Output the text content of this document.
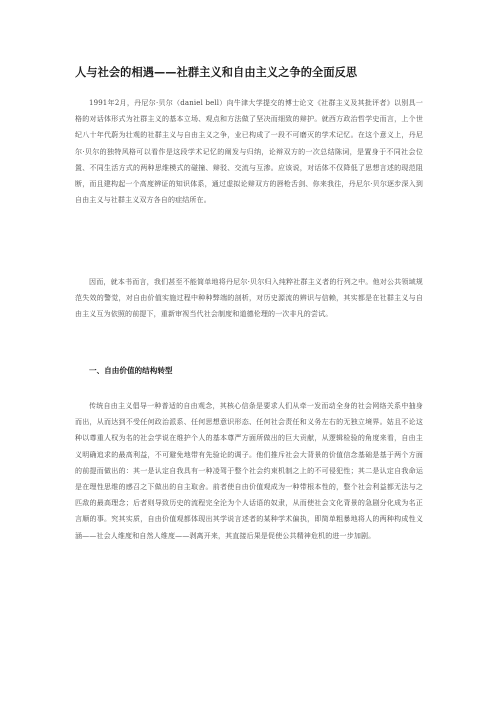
人与社会的相遇——社群主义和自由主义之争的全面反思

1991年2月，丹尼尔·贝尔（daniel bell）向牛津大学提交的博士论文《社群主义及其批评者》以别具一格的对话体形式为社群主义的基本立场、观点和方法做了坚决而细致的辩护。就西方政治哲学史而言，上个世纪八十年代蔚为壮观的社群主义与自由主义之争，业已构成了一段不可磨灭的学术记忆。在这个意义上，丹尼尔·贝尔的独特风格可以看作是这段学术记忆的阐发与归纳，论辩双方的一次总结陈词，是置身于不同社会位置、不同生活方式的两种思维模式的碰撞、辩驳、交流与互渗。应该说，对话体不仅降低了思想言述的现范阻断，而且建构起一个高度辨证的知识体系，通过虚拟论辩双方的唇枪舌剑、你来我往，丹尼尔·贝尔逐步深入到自由主义与社群主义双方各自的症结所在。

因而，就本书而言，我们甚至不能简单地将丹尼尔·贝尔归入纯粹社群主义者的行列之中。他对公共领域规范失效的警觉，对自由价值实施过程中种种弊端的剖析，对历史源流的辨识与信赖，其实都是在社群主义与自由主义互为依照的前提下，重新审视当代社会制度和道德伦理的一次非凡的尝试。

一、自由价值的结构转型

传统自由主义倡导一种普适的自由观念，其核心信条是要求人们从牵一发而动全身的社会网络关系中抽身而出，从而达到不受任何政治派系、任何思想意识形态、任何社会责任和义务左右的无独立境界。姑且不论这种以尊重人权为名的社会学说在维护个人的基本尊严方面所做出的巨大贡献，从逻辑检验的角度来看，自由主义明确追求的最高利益，不可避免地带有先验论的调子。他们推斥社会大背景的价值信念基础是基于两个方面的前提而做出的：其一是认定自我具有一种凌驾于整个社会约束机制之上的不可侵犯性；其二是认定自我命运是在理性思维的感召之下做出的自主取舍。前者使自由价值观成为一种带根本性的，整个社会利益都无法与之匹敌的最高理念；后者则导致历史的流程完全沦为个人话语的奴隶，从而使社会文化背景的急剧分化成为名正言顺的事。究其实质，自由价值观都体现出其学说言述者的某种学术偏执，即简单粗暴地将人的两种构成性义涵——社会人维度和自然人维度——剥离开来，其直接后果是促使公共精神危机的进一步加剧。
